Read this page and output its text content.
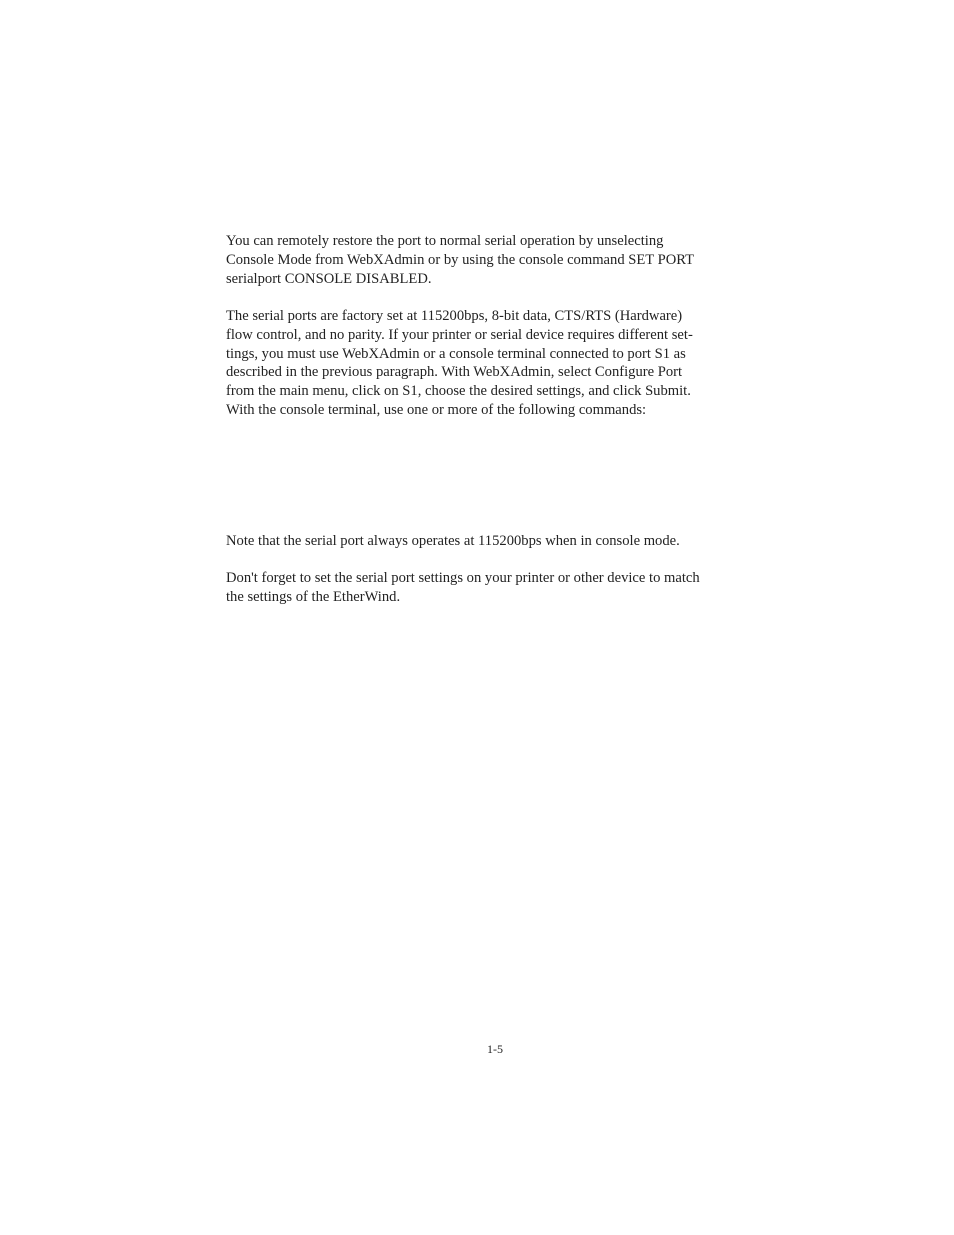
You can remotely restore the port to normal serial operation by unselecting
Console Mode from WebXAdmin or by using the console command SET PORT
serialport CONSOLE DISABLED.

The serial ports are factory set at 115200bps, 8-bit data, CTS/RTS (Hardware)
flow control, and no parity. If your printer or serial device requires different set-
tings, you must use WebXAdmin or a console terminal connected to port S1 as
described in the previous paragraph. With WebXAdmin, select Configure Port
from the main menu, click on S1, choose the desired settings, and click Submit.
With the console terminal, use one or more of the following commands:

Note that the serial port always operates at 115200bps when in console mode.

Don't forget to set the serial port settings on your printer or other device to match
the settings of the EtherWind.

1-5
